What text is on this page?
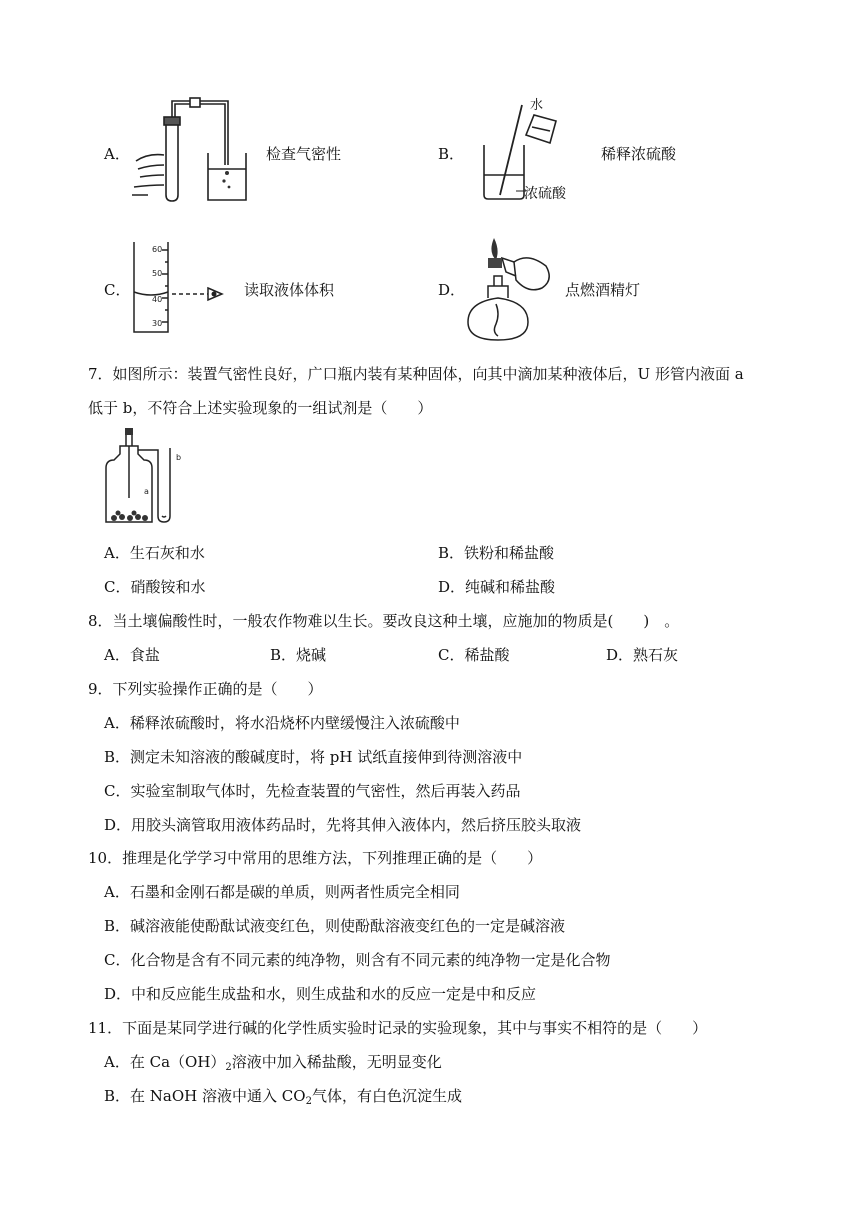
A．	检查气密性	B．
水
浓硫酸
稀释浓硫酸
C．
60
50
40
30
读取液体体积	D．	点燃酒精灯
7．如图所示：装置气密性良好，广口瓶内装有某种固体，向其中滴加某种液体后，U 形管内液面 a
低于 b，不符合上述实验现象的一组试剂是（　　）
a
b
A．生石灰和水	B．铁粉和稀盐酸
C．硝酸铵和水	D．纯碱和稀盐酸
8．当土壤偏酸性时，一般农作物难以生长。要改良这种土壤，应施加的物质是(　　)　。
A．食盐	B．烧碱	C．稀盐酸	D．熟石灰
9．下列实验操作正确的是（　　）
A．稀释浓硫酸时，将水沿烧杯内壁缓慢注入浓硫酸中
B．测定未知溶液的酸碱度时，将 pH 试纸直接伸到待测溶液中
C．实验室制取气体时，先检查装置的气密性，然后再装入药品
D．用胶头滴管取用液体药品时，先将其伸入液体内，然后挤压胶头取液
10．推理是化学学习中常用的思维方法，下列推理正确的是（　　）
A．石墨和金刚石都是碳的单质，则两者性质完全相同
B．碱溶液能使酚酞试液变红色，则使酚酞溶液变红色的一定是碱溶液
C．化合物是含有不同元素的纯净物，则含有不同元素的纯净物一定是化合物
D．中和反应能生成盐和水，则生成盐和水的反应一定是中和反应
11．下面是某同学进行碱的化学性质实验时记录的实验现象，其中与事实不相符的是（　　）
A．在 $Ca(OH)_2$溶液中加入稀盐酸，无明显变化
B．在 NaOH 溶液中通入 $CO_2$气体，有白色沉淀生成
